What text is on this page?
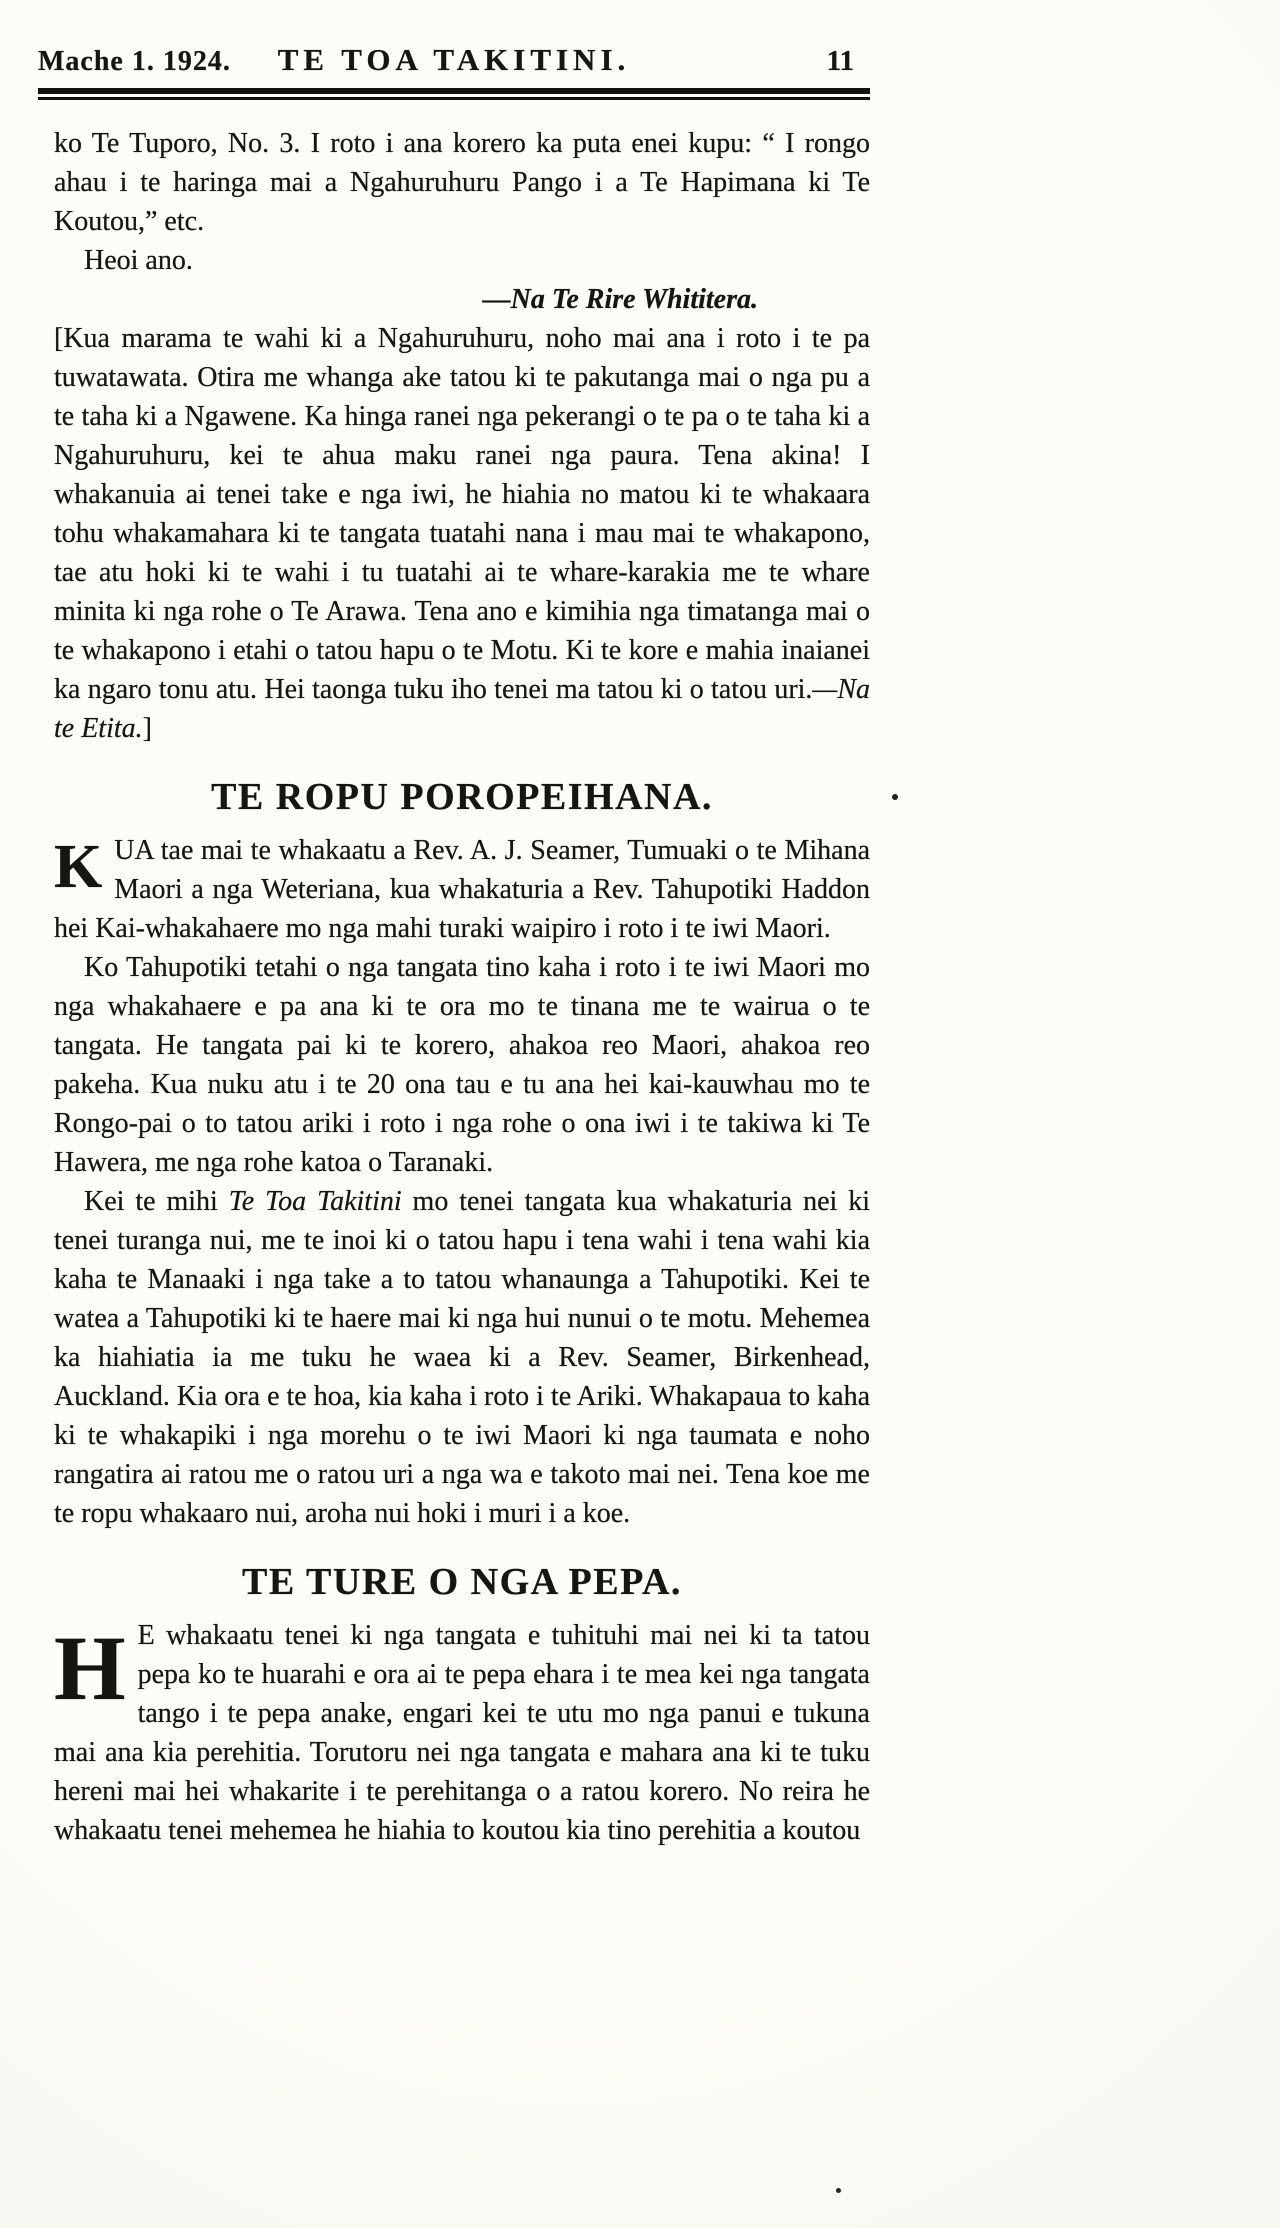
Mache 1. 1924.	TE TOA TAKITINI.	11

ko Te Tuporo, No. 3. I roto i ana korero ka puta enei kupu: “ I rongo ahau i te haringa mai a Ngahuruhuru Pango i a Te Hapimana ki Te Koutou,” etc.

Heoi ano.

—Na Te Rire Whititera.

[Kua marama te wahi ki a Ngahuruhuru, noho mai ana i roto i te pa tuwatawata. Otira me whanga ake tatou ki te pakutanga mai o nga pu a te taha ki a Ngawene. Ka hinga ranei nga pekerangi o te pa o te taha ki a Ngahuruhuru, kei te ahua maku ranei nga paura. Tena akina! I whakanuia ai tenei take e nga iwi, he hiahia no matou ki te whakaara tohu whakamahara ki te tangata tuatahi nana i mau mai te whakapono, tae atu hoki ki te wahi i tu tuatahi ai te whare-karakia me te whare minita ki nga rohe o Te Arawa. Tena ano e kimihia nga timatanga mai o te whakapono i etahi o tatou hapu o te Motu. Ki te kore e mahia inaianei ka ngaro tonu atu. Hei taonga tuku iho tenei ma tatou ki o tatou uri.—Na te Etita.]

TE ROPU POROPEIHANA.

KUA tae mai te whakaatu a Rev. A. J. Seamer, Tumuaki o te Mihana Maori a nga Weteriana, kua whakaturia a Rev. Tahupotiki Haddon hei Kai-whakahaere mo nga mahi turaki waipiro i roto i te iwi Maori.

Ko Tahupotiki tetahi o nga tangata tino kaha i roto i te iwi Maori mo nga whakahaere e pa ana ki te ora mo te tinana me te wairua o te tangata. He tangata pai ki te korero, ahakoa reo Maori, ahakoa reo pakeha. Kua nuku atu i te 20 ona tau e tu ana hei kai-kauwhau mo te Rongo-pai o to tatou ariki i roto i nga rohe o ona iwi i te takiwa ki Te Hawera, me nga rohe katoa o Taranaki.

Kei te mihi Te Toa Takitini mo tenei tangata kua whakaturia nei ki tenei turanga nui, me te inoi ki o tatou hapu i tena wahi i tena wahi kia kaha te Manaaki i nga take a to tatou whanaunga a Tahupotiki. Kei te watea a Tahupotiki ki te haere mai ki nga hui nunui o te motu. Mehemea ka hiahiatia ia me tuku he waea ki a Rev. Seamer, Birkenhead, Auckland. Kia ora e te hoa, kia kaha i roto i te Ariki. Whakapaua to kaha ki te whakapiki i nga morehu o te iwi Maori ki nga taumata e noho rangatira ai ratou me o ratou uri a nga wa e takoto mai nei. Tena koe me te ropu whakaaro nui, aroha nui hoki i muri i a koe.

TE TURE O NGA PEPA.

H E whakaatu tenei ki nga tangata e tuhituhi mai nei ki ta tatou pepa ko te huarahi e ora ai te pepa ehara i te mea kei nga tangata tango i te pepa anake, engari kei te utu mo nga panui e tukuna mai ana kia perehitia. Torutoru nei nga tangata e mahara ana ki te tuku hereni mai hei whakarite i te perehitanga o a ratou korero. No reira he whakaatu tenei mehemea he hiahia to koutou kia tino perehitia a koutou
